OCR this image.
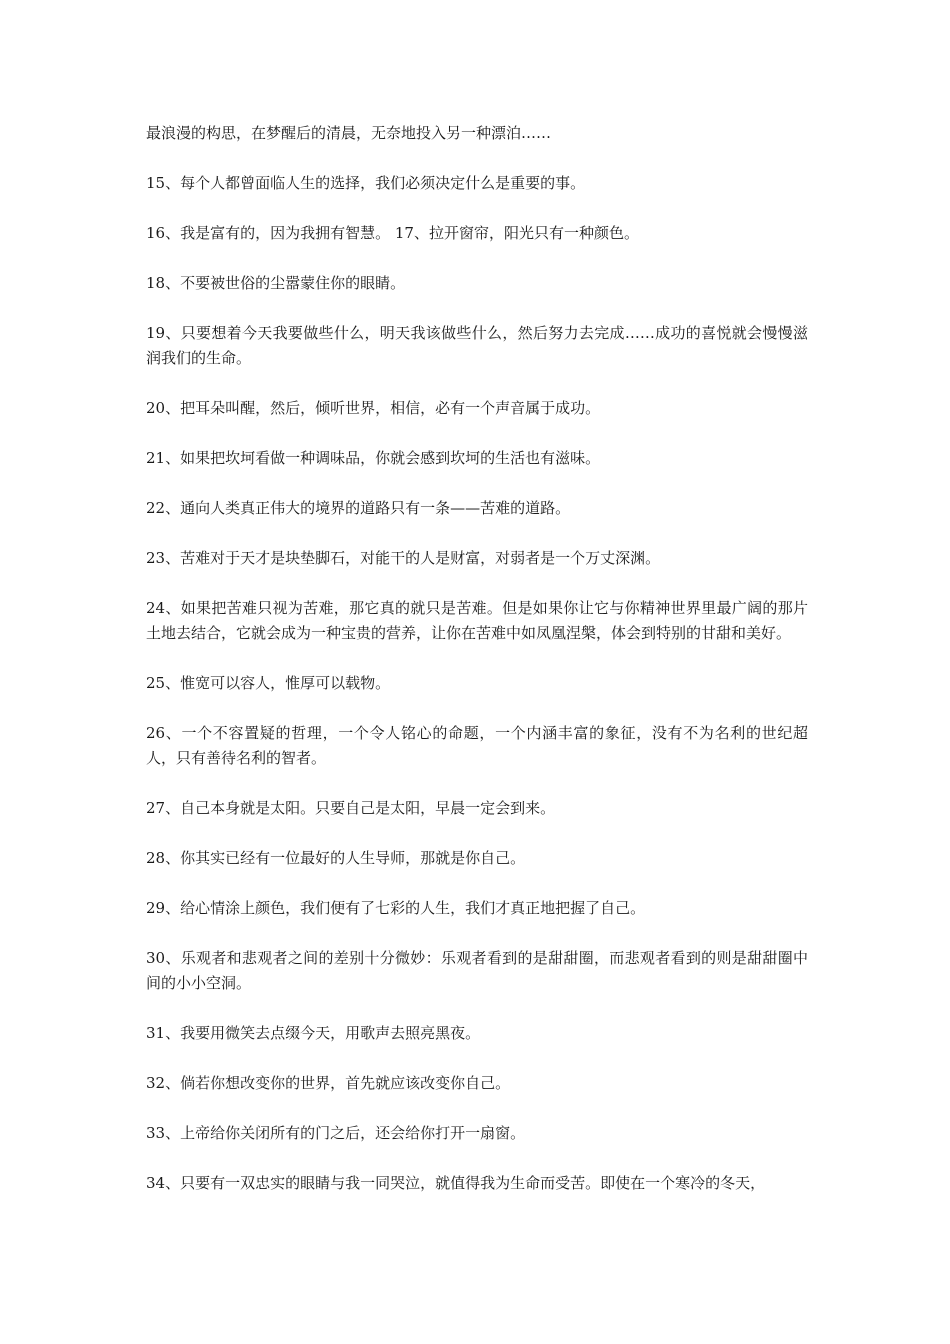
最浪漫的构思，在梦醒后的清晨，无奈地投入另一种漂泊……

15、每个人都曾面临人生的选择，我们必须决定什么是重要的事。

16、我是富有的，因为我拥有智慧。 17、拉开窗帘，阳光只有一种颜色。

18、不要被世俗的尘嚣蒙住你的眼睛。

19、只要想着今天我要做些什么，明天我该做些什么，然后努力去完成……成功的喜悦就会慢慢滋润我们的生命。

20、把耳朵叫醒，然后，倾听世界，相信，必有一个声音属于成功。

21、如果把坎坷看做一种调味品，你就会感到坎坷的生活也有滋味。

22、通向人类真正伟大的境界的道路只有一条——苦难的道路。

23、苦难对于天才是块垫脚石，对能干的人是财富，对弱者是一个万丈深渊。

24、如果把苦难只视为苦难，那它真的就只是苦难。但是如果你让它与你精神世界里最广阔的那片土地去结合，它就会成为一种宝贵的营养，让你在苦难中如凤凰涅槃，体会到特别的甘甜和美好。

25、惟宽可以容人，惟厚可以载物。

26、一个不容置疑的哲理，一个令人铭心的命题，一个内涵丰富的象征，没有不为名利的世纪超人，只有善待名利的智者。

27、自己本身就是太阳。只要自己是太阳，早晨一定会到来。

28、你其实已经有一位最好的人生导师，那就是你自己。

29、给心情涂上颜色，我们便有了七彩的人生，我们才真正地把握了自己。

30、乐观者和悲观者之间的差别十分微妙：乐观者看到的是甜甜圈，而悲观者看到的则是甜甜圈中间的小小空洞。

31、我要用微笑去点缀今天，用歌声去照亮黑夜。

32、倘若你想改变你的世界，首先就应该改变你自己。

33、上帝给你关闭所有的门之后，还会给你打开一扇窗。

34、只要有一双忠实的眼睛与我一同哭泣，就值得我为生命而受苦。即使在一个寒冷的冬天，
